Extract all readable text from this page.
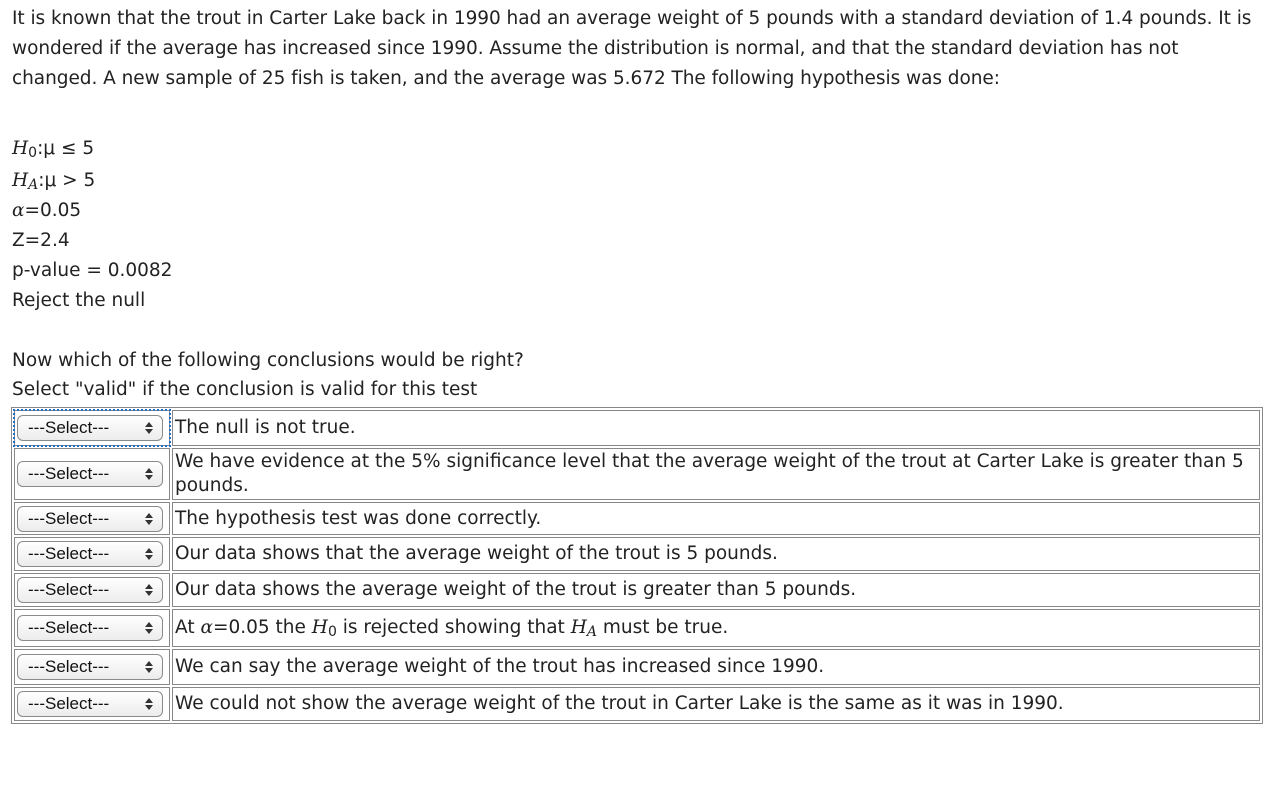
It is known that the trout in Carter Lake back in 1990 had an average weight of 5 pounds with a standard deviation of 1.4 pounds. It is wondered if the average has increased since 1990. Assume the distribution is normal, and that the standard deviation has not changed. A new sample of 25 fish is taken, and the average was 5.672 The following hypothesis was done:

$H_0:\mu \le 5$
$H_A:\mu > 5$
α=0.05
Z=2.4
p-value = 0.0082
Reject the null
Now which of the following conclusions would be right?
Select "valid" if the conclusion is valid for this test
---Select---	The null is not true.

---Select---	We have evidence at the 5% significance level that the average weight of the trout at Carter Lake is greater than 5 pounds.

---Select---	The hypothesis test was done correctly.

---Select---	Our data shows that the average weight of the trout is 5 pounds.

---Select---	Our data shows the average weight of the trout is greater than 5 pounds.

---Select---	At α=0.05 the $H_0$ is rejected showing that $H_A$ must be true.

---Select---	We can say the average weight of the trout has increased since 1990.

---Select---	We could not show the average weight of the trout in Carter Lake is the same as it was in 1990.
